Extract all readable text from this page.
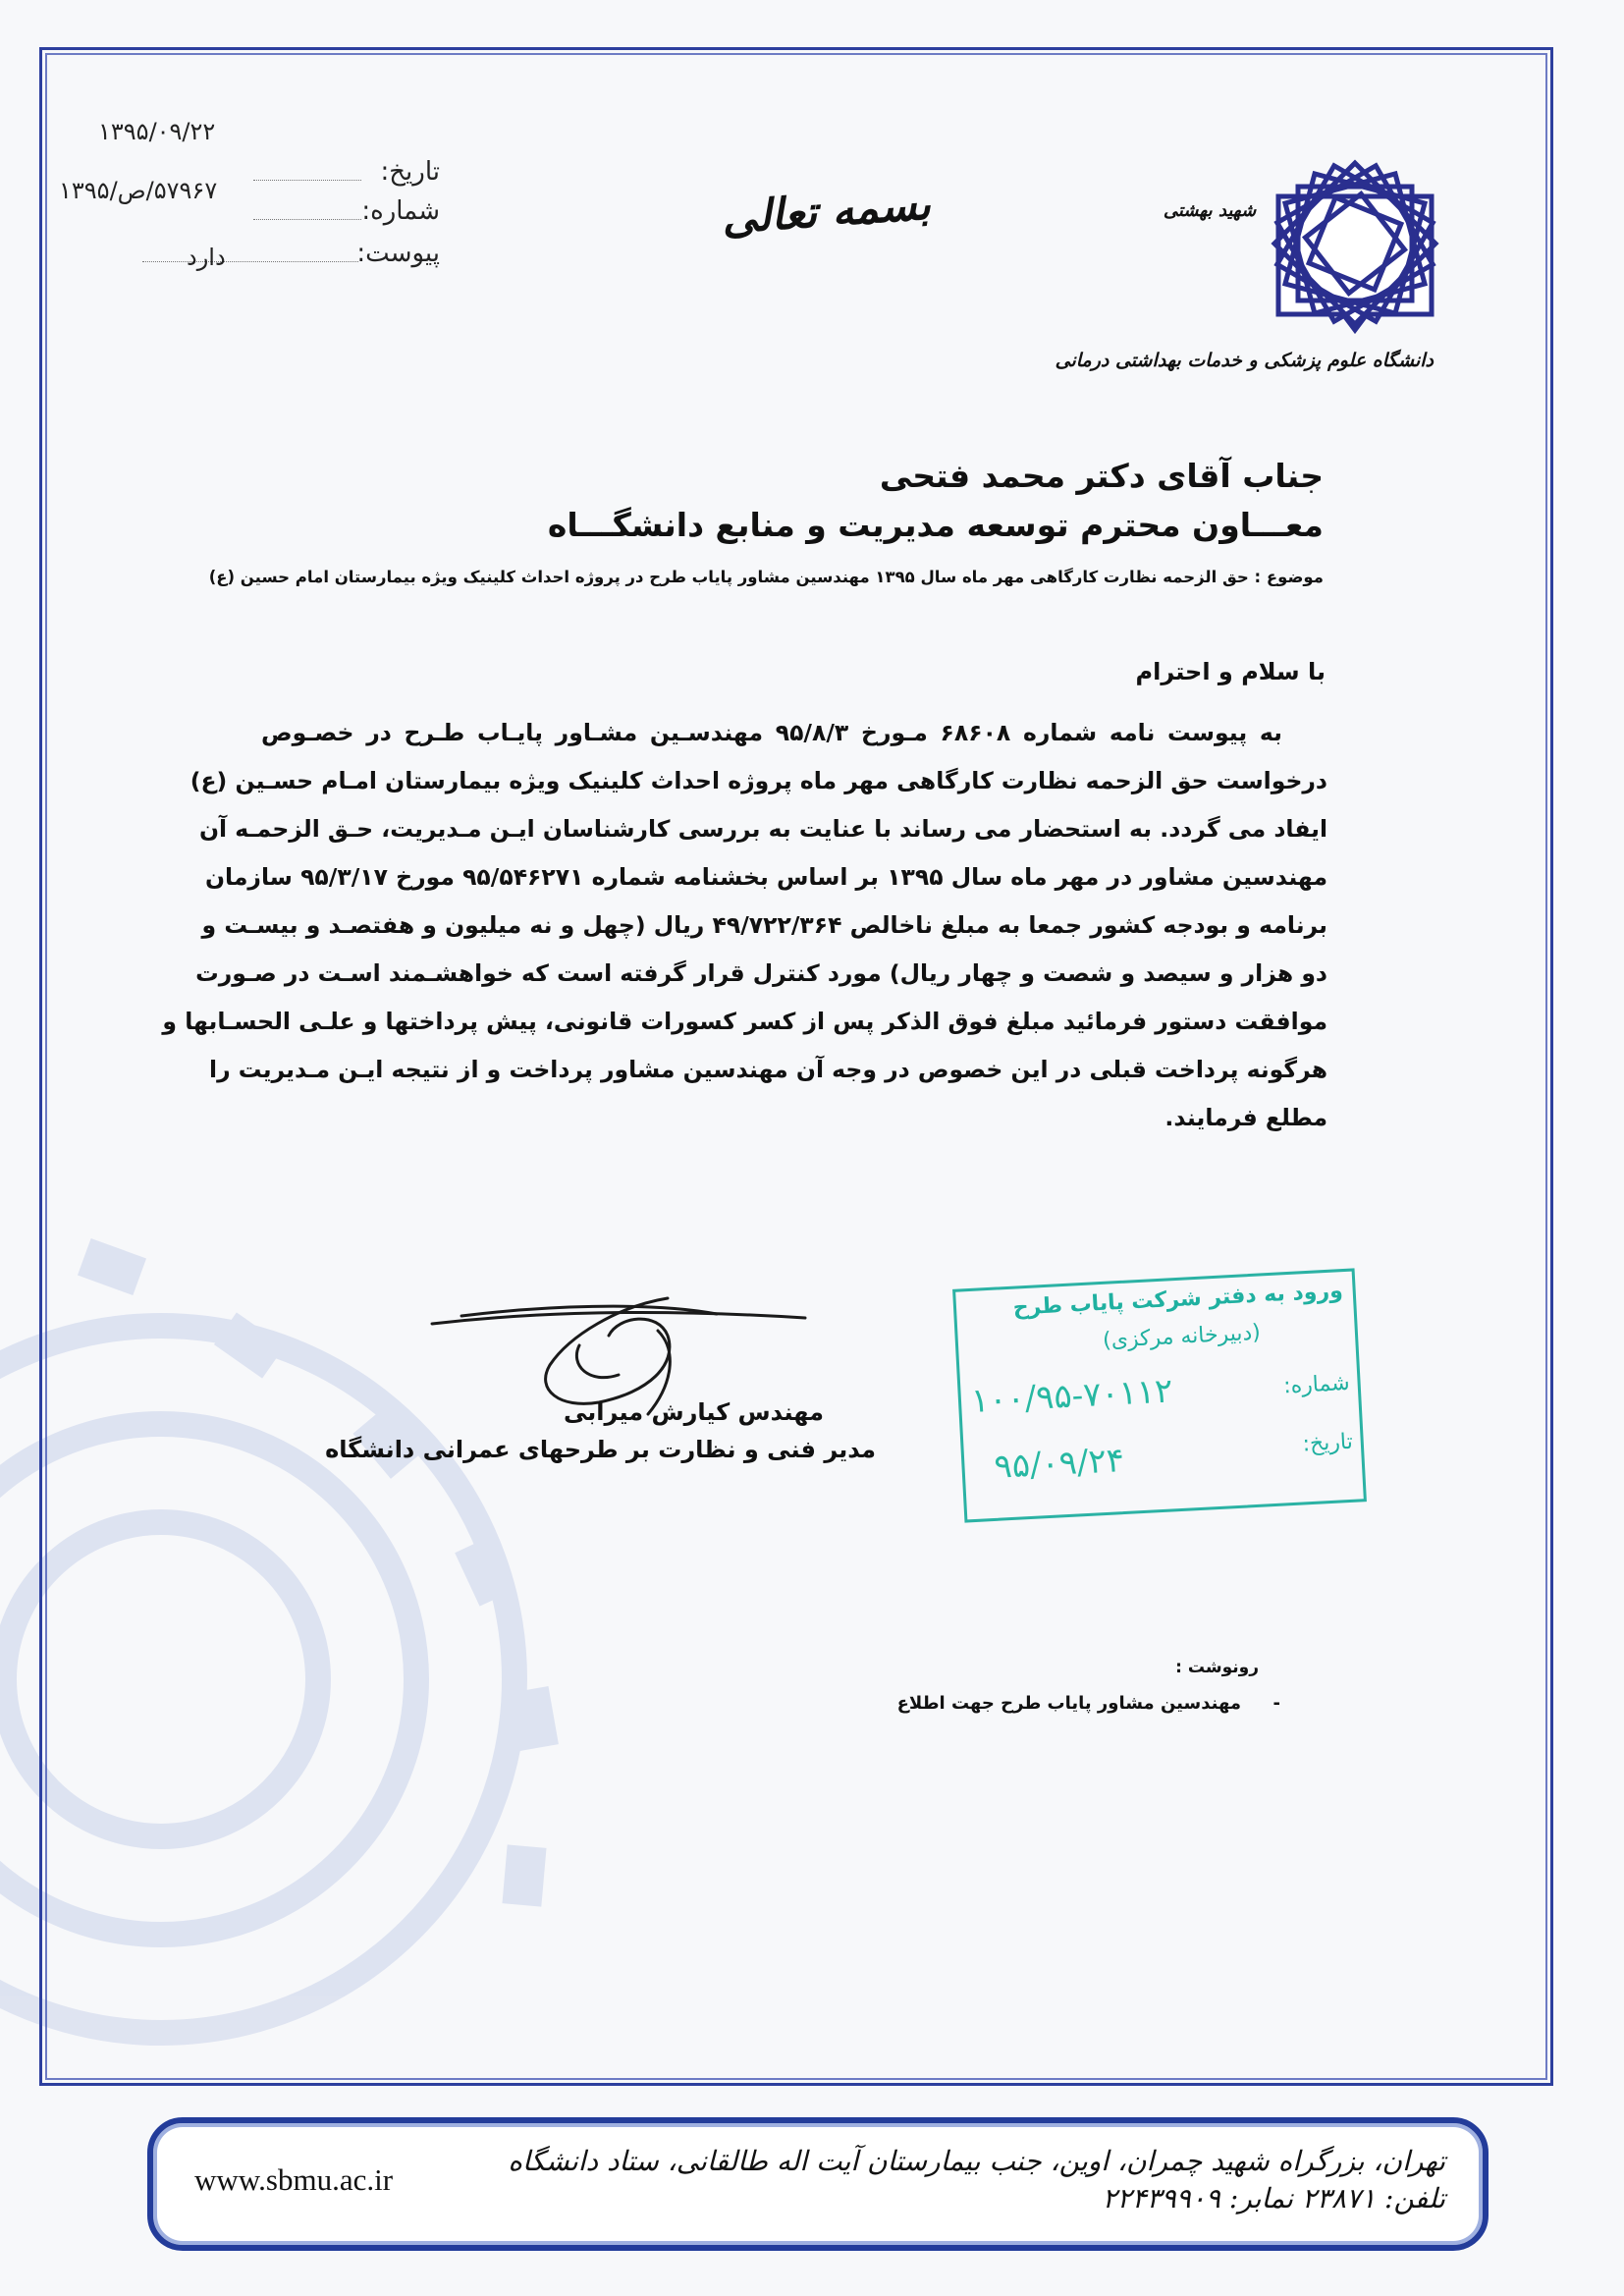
۱۳۹۵/۰۹/۲۲
تاریخ:
۱۳۹۵/ص/۵۷۹۶۷
شماره:
پیوست:
دارد
بسمه تعالی	شهید بهشتی
دانشگاه علوم پزشکی و خدمات بهداشتی درمانی
جناب آقای دکتر محمد فتحی
معـــاون محترم توسعه مدیریت و منابع دانشگـــاه
موضوع : حق الزحمه نظارت کارگاهی مهر ماه سال ۱۳۹۵ مهندسین مشاور پایاب طرح در پروژه احداث کلینیک ویژه بیمارستان امام حسین (ع)
با سلام و احترام
به پیوست نامه شماره ۶۸۶۰۸ مـورخ ۹۵/۸/۳ مهندسـین مشـاور پایـاب طـرح در خصـوص
درخواست حق الزحمه نظارت کارگاهی مهر ماه پروژه احداث کلینیک ویژه بیمارستان امـام حسـین (ع)
ایفاد می گردد. به استحضار می رساند با عنایت به بررسی کارشناسان ایـن مـدیریت، حـق الزحمـه آن
مهندسین مشاور در مهر ماه سال ۱۳۹۵ بر اساس بخشنامه شماره ۹۵/۵۴۶۲۷۱ مورخ ۹۵/۳/۱۷ سازمان
برنامه و بودجه کشور جمعا به مبلغ ناخالص ۴۹/۷۲۲/۳۶۴ ریال (چهل و نه میلیون و هفتصـد و بیسـت و
دو هزار و سیصد و شصت و چهار ریال) مورد کنترل قرار گرفته است که خواهشـمند اسـت در صـورت
موافقت دستور فرمائید مبلغ فوق الذکر پس از کسر کسورات قانونی، پیش پرداختها و علـی الحسـابها و
هرگونه پرداخت قبلی در این خصوص در وجه آن مهندسین مشاور پرداخت و از نتیجه ایـن مـدیریت را
مطلع فرمایند.
مهندس کیارش میرابی
مدیر فنی و نظارت بر طرحهای عمرانی دانشگاه
ورود به دفتر شرکت پایاب طرح
(دبیرخانه مرکزی)
شماره:
تاریخ:
۱۰۰/۹۵-۷۰۱۱۲
۹۵/۰۹/۲۴
رونوشت :
-
مهندسین مشاور پایاب طرح جهت اطلاع
تهران، بزرگراه شهید چمران، اوین، جنب بیمارستان آیت اله طالقانی، ستاد دانشگاه تلفن: ۲۳۸۷۱ نمابر: ۲۲۴۳۹۹۰۹
www.sbmu.ac.ir
